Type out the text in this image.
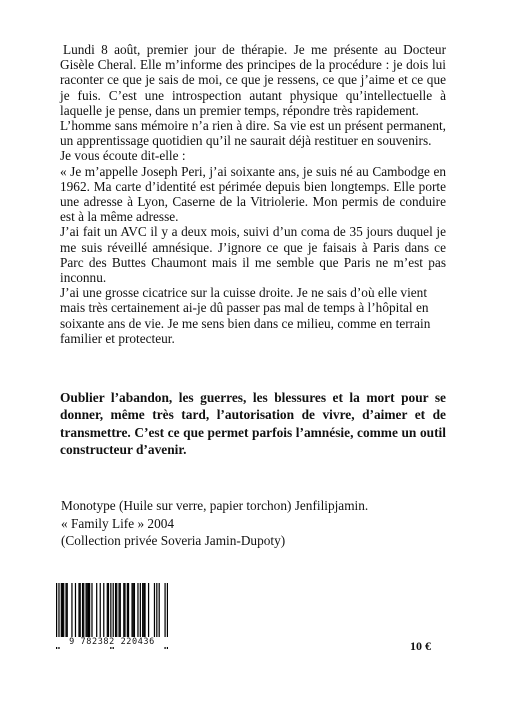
Lundi 8 août, premier jour de thérapie. Je me présente au Docteur Gisèle Cheral. Elle m’informe des principes de la procédure : je dois lui raconter ce que je sais de moi, ce que je ressens, ce que j’aime et ce que je fuis. C’est une introspection autant physique qu’intellectuelle à laquelle je pense, dans un premier temps, répondre très rapidement.

L’homme sans mémoire n’a rien à dire. Sa vie est un présent permanent, un apprentissage quotidien qu’il ne saurait déjà restituer en souvenirs.

Je vous écoute dit-elle :

« Je m’appelle Joseph Peri, j’ai soixante ans, je suis né au Cambodge en 1962. Ma carte d’identité est périmée depuis bien longtemps. Elle porte une adresse à Lyon, Caserne de la Vitriolerie. Mon permis de conduire est à la même adresse.

J’ai fait un AVC il y a deux mois, suivi d’un coma de 35 jours duquel je me suis réveillé amnésique. J’ignore ce que je faisais à Paris dans ce Parc des Buttes Chaumont mais il me semble que Paris ne m’est pas inconnu.

J’ai une grosse cicatrice sur la cuisse droite. Je ne sais d’où elle vient mais très certainement ai-je dû passer pas mal de temps à l’hôpital en soixante ans de vie. Je me sens bien dans ce milieu, comme en terrain familier et protecteur.

Oublier l’abandon, les guerres, les blessures et la mort pour se donner, même très tard, l’autorisation de vivre, d’aimer et de transmettre. C’est ce que permet parfois l’amnésie, comme un outil constructeur d’avenir.
Monotype (Huile sur verre, papier torchon) Jenfilipjamin.
« Family Life » 2004
(Collection privée Soveria Jamin-Dupoty)
9 782382 220436	10 €
